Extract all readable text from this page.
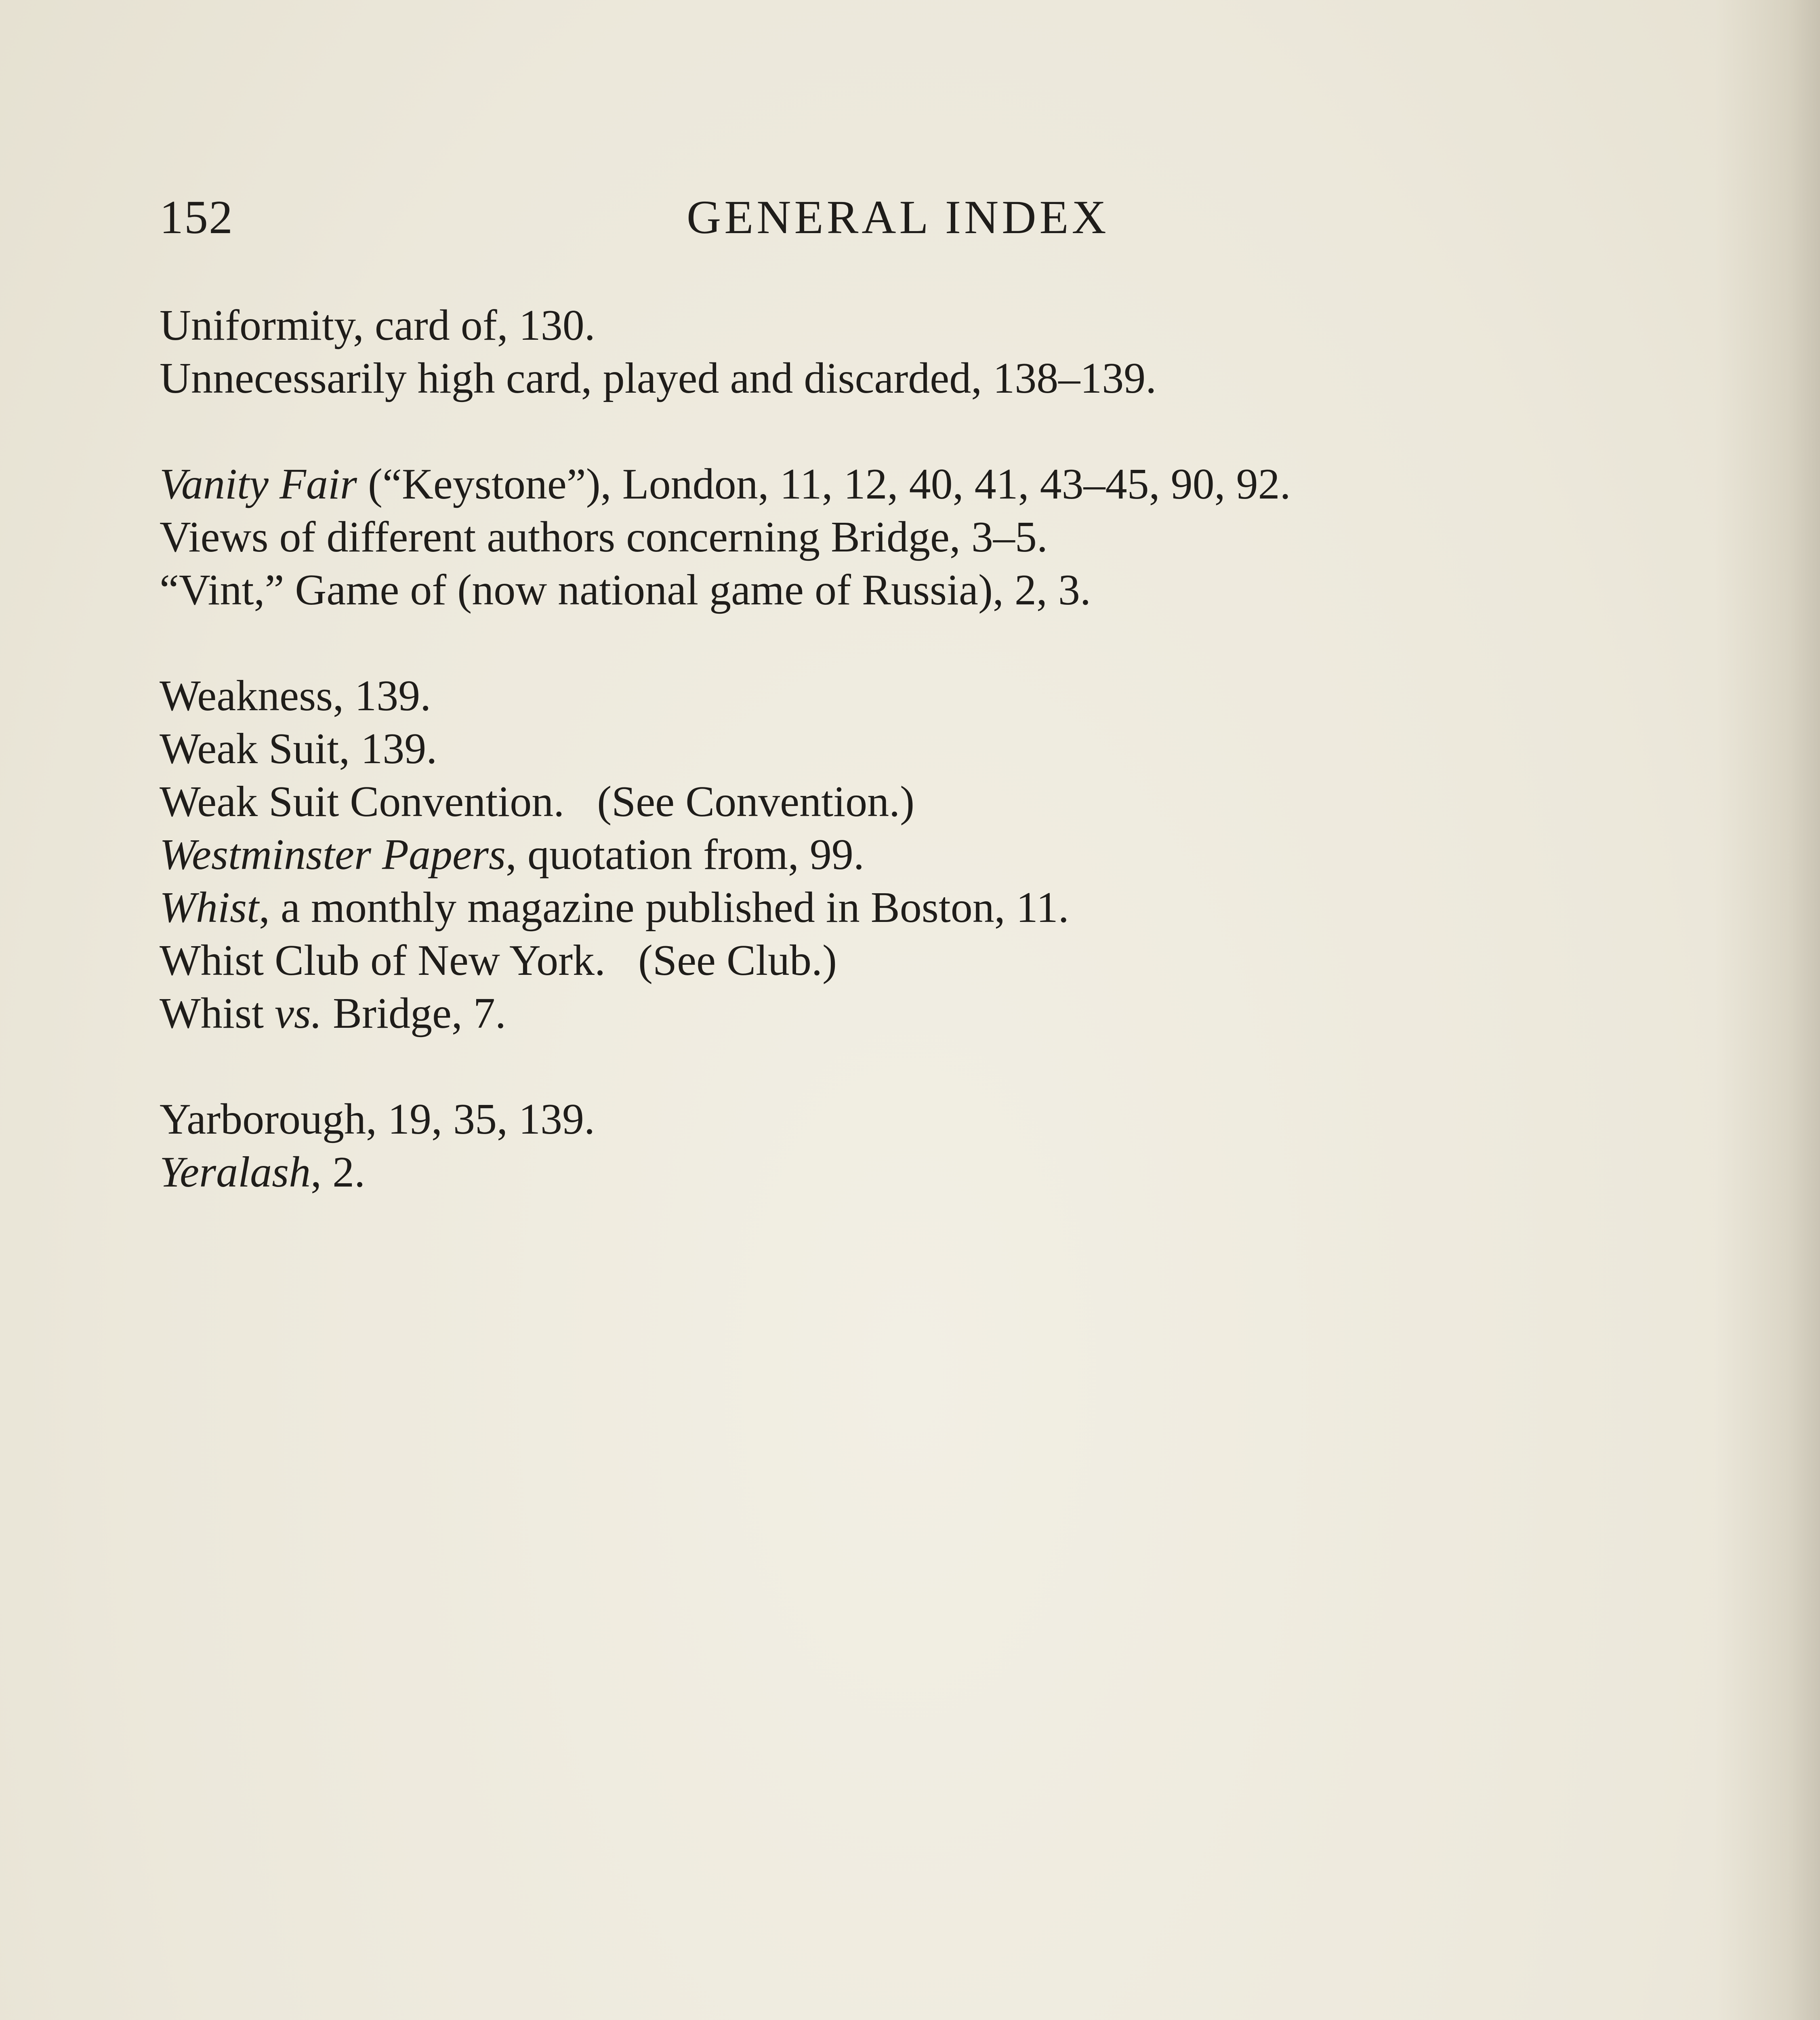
152	GENERAL INDEX
Uniformity, card of, 130.
Unnecessarily high card, played and discarded, 138–139.
Vanity Fair (“Keystone”), London, 11, 12, 40, 41, 43–45, 90, 92.
Views of different authors concerning Bridge, 3–5.
“Vint,” Game of (now national game of Russia), 2, 3.
Weakness, 139.
Weak Suit, 139.
Weak Suit Convention.   (See Convention.)
Westminster Papers, quotation from, 99.
Whist, a monthly magazine published in Boston, 11.
Whist Club of New York.   (See Club.)
Whist vs. Bridge, 7.
Yarborough, 19, 35, 139.
Yeralash, 2.
